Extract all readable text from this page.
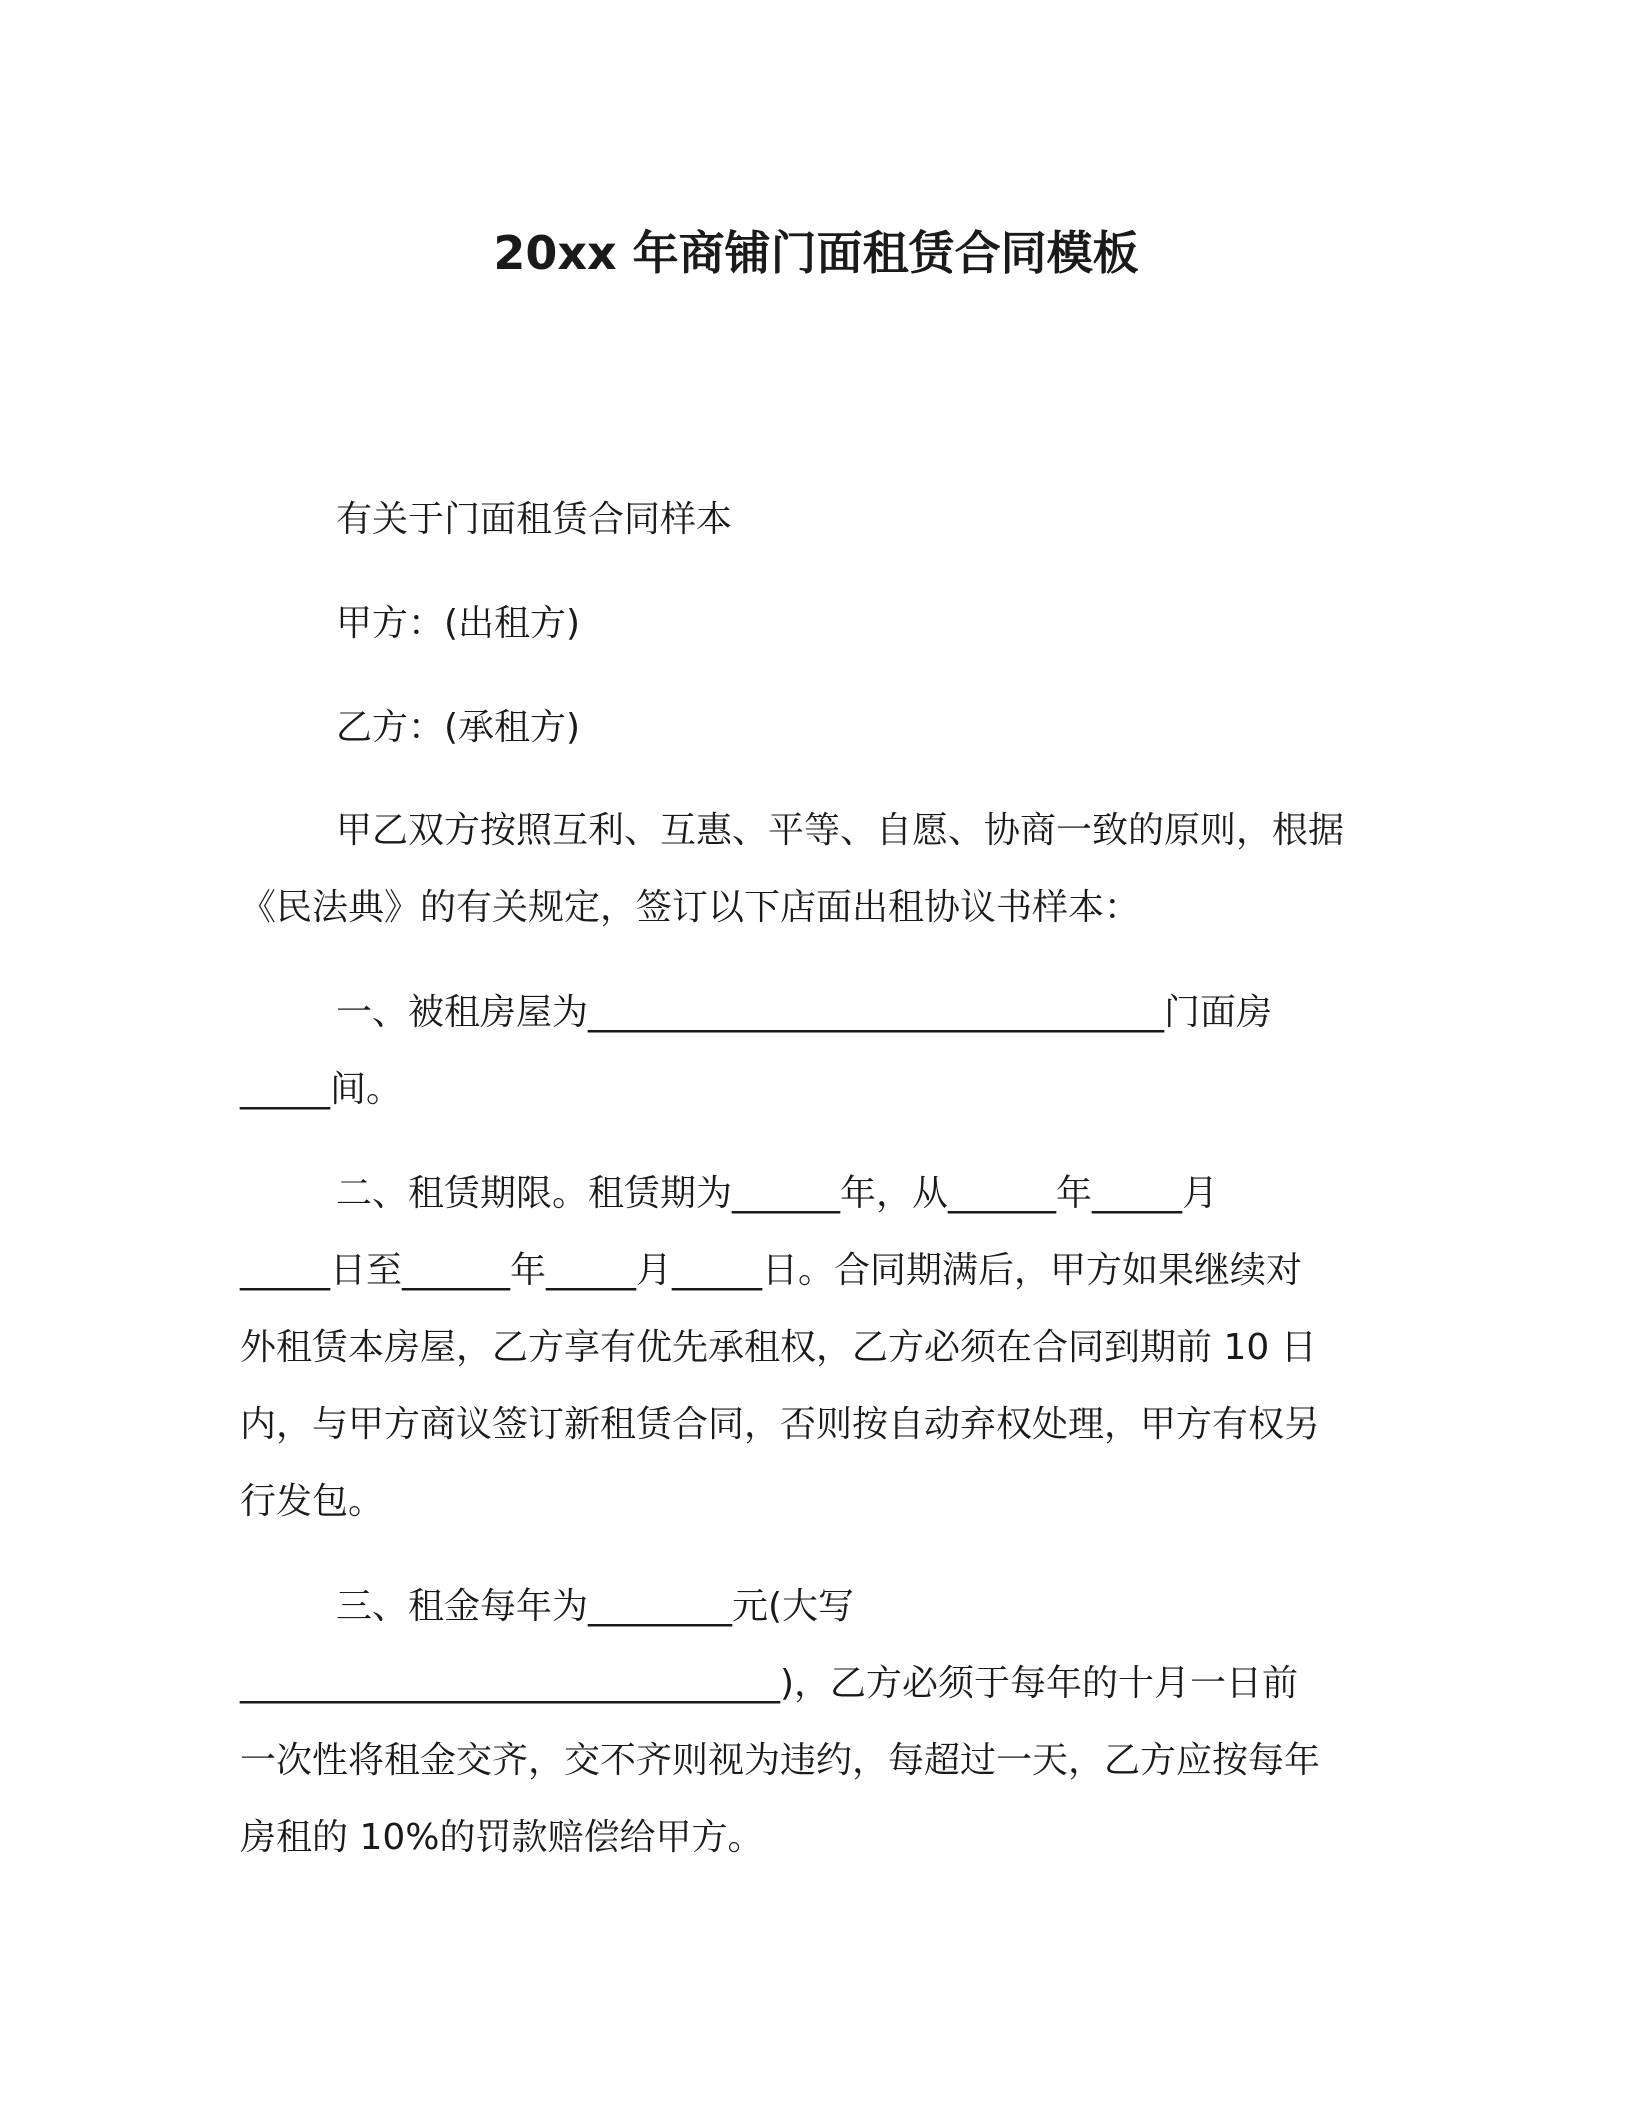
20xx 年商铺门面租赁合同模板
有关于门面租赁合同样本
甲方：(出租方)
乙方：(承租方)
甲乙双方按照互利、互惠、平等、自愿、协商一致的原则，根据
《民法典》的有关规定，签订以下店面出租协议书样本：
一、被租房屋为________________________________门面房
_____间。
二、租赁期限。租赁期为______年，从______年_____月
_____日至______年_____月_____日。合同期满后，甲方如果继续对
外租赁本房屋，乙方享有优先承租权，乙方必须在合同到期前 10 日
内，与甲方商议签订新租赁合同，否则按自动弃权处理，甲方有权另
行发包。
三、租金每年为________元(大写
______________________________)，乙方必须于每年的十月一日前
一次性将租金交齐，交不齐则视为违约，每超过一天，乙方应按每年
房租的 10%的罚款赔偿给甲方。
